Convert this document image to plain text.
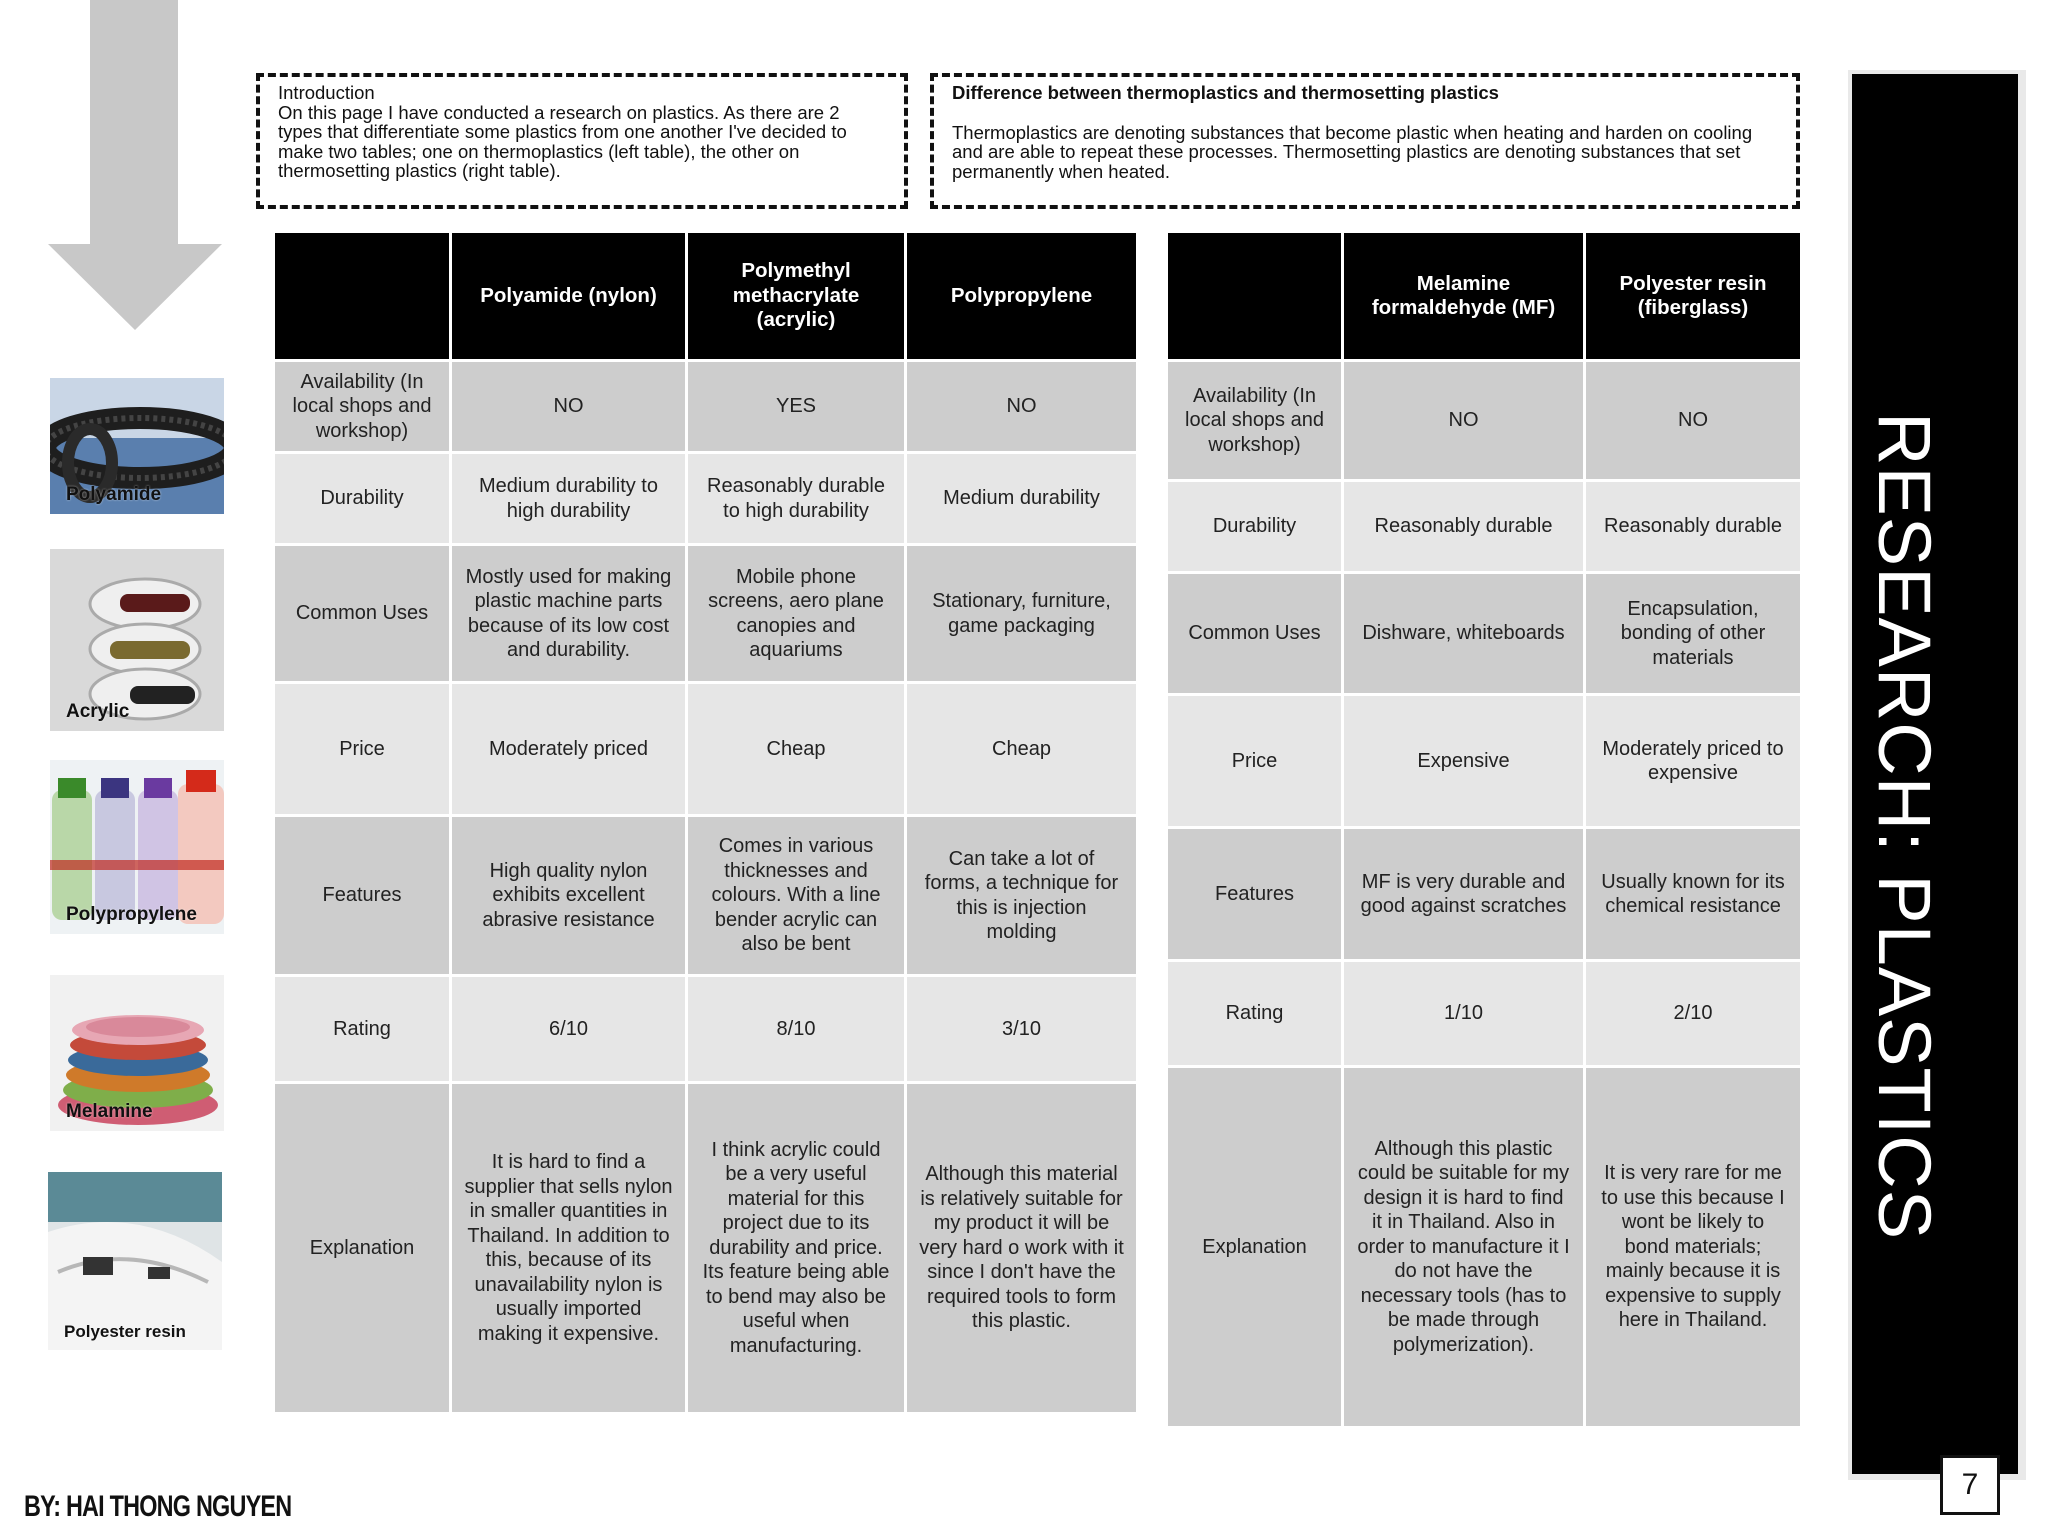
Polyamide
Acrylic
Polypropylene
Melamine
Polyester resin
Introduction

On this page I have conducted a research on plastics. As there are 2 types that differentiate some plastics from one another I've decided to make two tables; one on thermoplastics (left table), the other on thermosetting plastics (right table).

Difference between thermoplastics and thermosetting plastics

Thermoplastics are denoting substances that become plastic when heating and harden on cooling and are able to repeat these processes. Thermosetting plastics are denoting substances that set permanently when heated.

	Polyamide (nylon)	Polymethyl methacrylate (acrylic)	Polypropylene
Availability (In local shops and workshop)	NO	YES	NO
Durability	Medium durability to high durability	Reasonably durable to high durability	Medium durability
Common Uses	Mostly used for making plastic machine parts because of its low cost and durability.	Mobile phone screens, aero plane canopies and aquariums	Stationary, furniture, game packaging
Price	Moderately priced	Cheap	Cheap
Features	High quality nylon exhibits excellent abrasive resistance	Comes in various thicknesses and colours. With a line bender acrylic can also be bent	Can take a lot of forms, a technique for this is injection molding
Rating	6/10	8/10	3/10
Explanation	It is hard to find a supplier that sells nylon in smaller quantities in Thailand. In addition to this, because of its unavailability nylon is usually imported making it expensive.	I think acrylic could be a very useful material for this project due to its durability and price. Its feature being able to bend may also be useful when manufacturing.	Although this material is relatively suitable for my product it will be very hard o work with it since I don't have the required tools to form this plastic.
	Melamine formaldehyde (MF)	Polyester resin (fiberglass)
Availability (In local shops and workshop)	NO	NO
Durability	Reasonably durable	Reasonably durable
Common Uses	Dishware, whiteboards	Encapsulation, bonding of other materials
Price	Expensive	Moderately priced to expensive
Features	MF is very durable and good against scratches	Usually known for its chemical resistance
Rating	1/10	2/10
Explanation	Although this plastic could be suitable for my design it is hard to find it in Thailand. Also in order to manufacture it I do not have the necessary tools (has to be made through polymerization).	It is very rare for me to use this because I wont be likely to bond materials; mainly because it is expensive to supply here in Thailand.
RESEARCH: PLASTICS
7
BY: HAI THONG NGUYEN
